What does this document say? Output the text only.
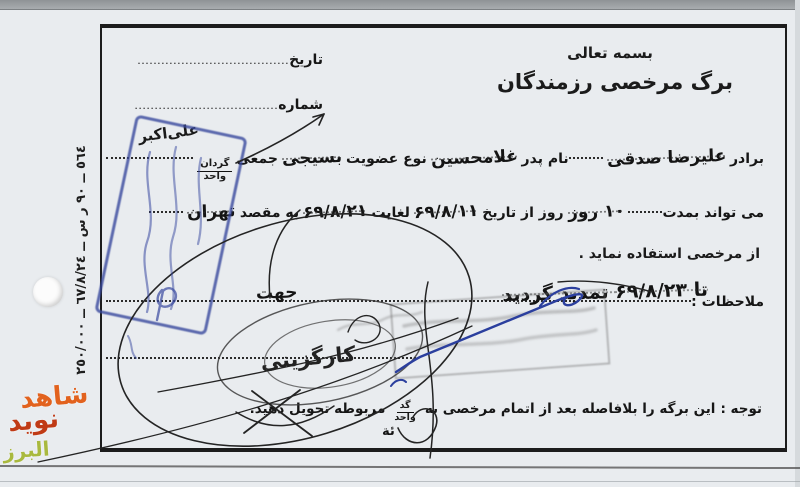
بسمه تعالی
برگ مرخصی رزمندگان
تاریخ
......................................
شماره
....................................
برادر
علیرضا صدقی
نام پدر
غلامحسین
نوع عضویت
بسیجی
جمعی
$\frac{\text{گردان}}{\text{واحد}}$
علی‌اکبر
می تواند بمدت
۱۰ روز
روز از تاریخ
۶۹/۸/۱۱
لغایت
۶۹/۸/۲۱
به مقصد
تهران
از مرخصی استفاده نماید .
ملاحظات :
تا ۶۹/۸/۲۳ تمدید گردید
جهت
کارگزینی
توجه :
این برگه را بلافاصله بعد از اتمام مرخصی به
$\frac{\text{گد}}{\text{واحد}}$
مربوطه تحویل دهید.
ئة
٥٦٤ ــ ٩٠ ر س ــ ٦٧/٨/٢٤ ــ ٢٥٠/٠٠٠
شاهد
نوید
البرز
